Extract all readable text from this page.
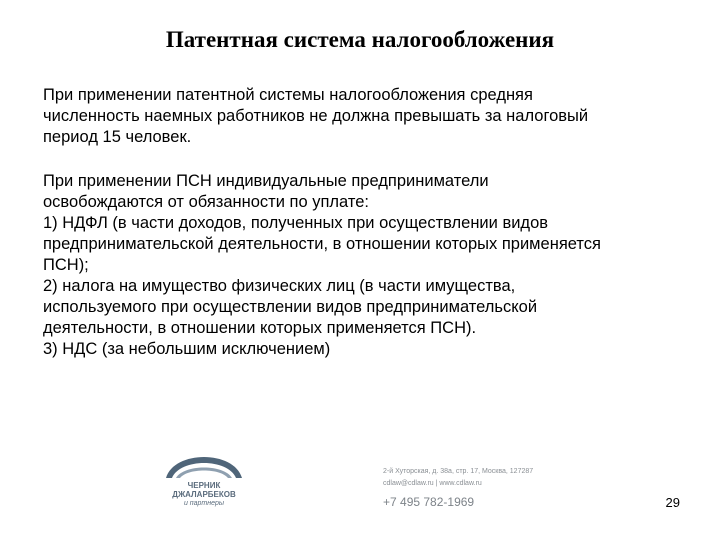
Патентная система налогообложения
При применении патентной системы налогообложения средняя
численность наемных работников не должна превышать за налоговый
период 15 человек.
При применении ПСН индивидуальные предприниматели
освобождаются от обязанности по уплате:
1) НДФЛ (в части доходов, полученных при осуществлении видов
предпринимательской деятельности, в отношении которых применяется
ПСН);
2) налога на имущество физических лиц (в части имущества,
используемого при осуществлении видов предпринимательской
деятельности, в отношении которых применяется ПСН).
3) НДС (за небольшим исключением)
ЧЕРНИК
ДЖАЛАРБЕКОВ
и партнеры
2-й Хуторская, д. 38а, стр. 17, Москва, 127287
cdlaw@cdlaw.ru | www.cdlaw.ru
+7 495 782-1969	29
